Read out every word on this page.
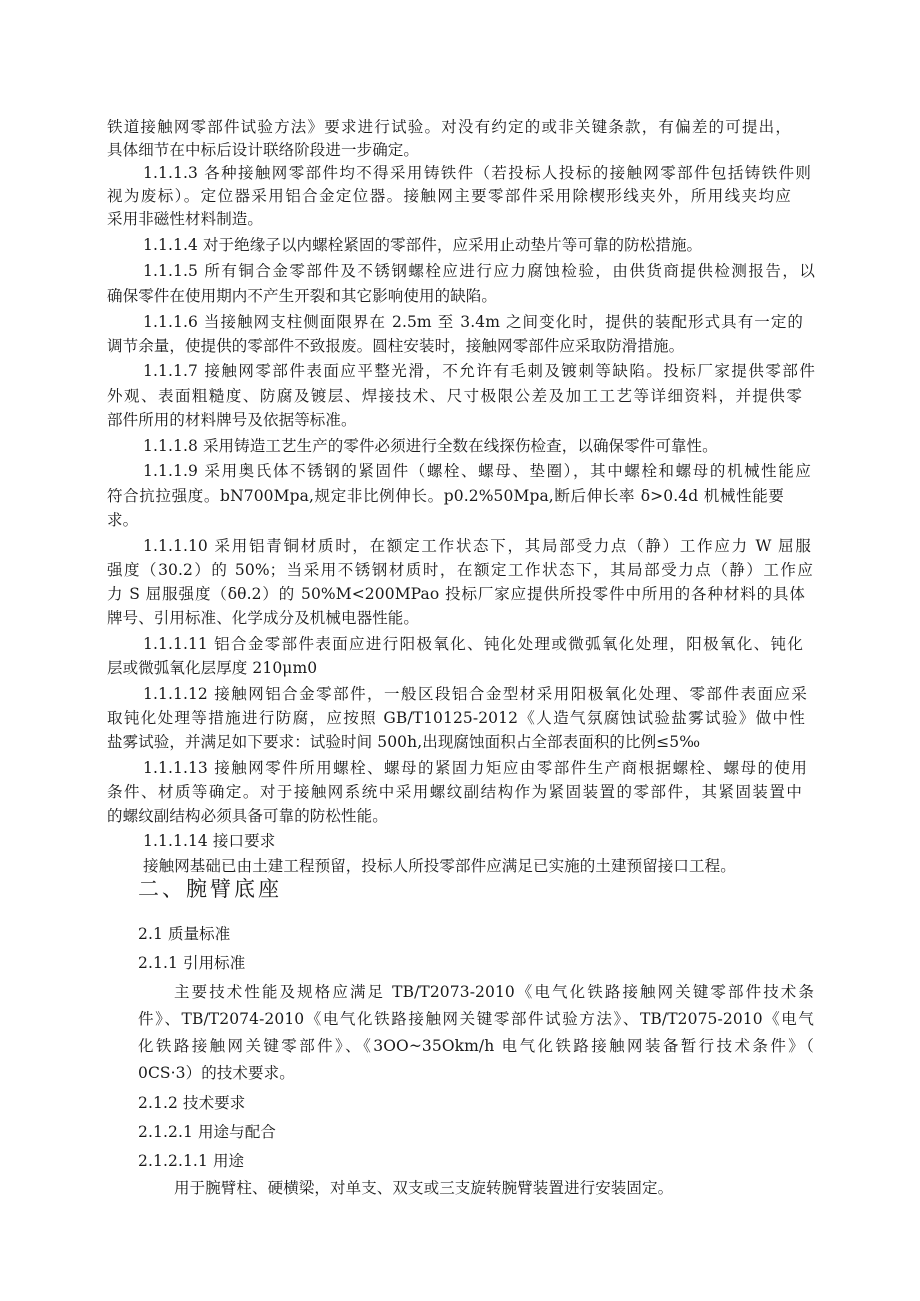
铁道接触网零部件试验方法》要求进行试验。对没有约定的或非关键条款，有偏差的可提出，
具体细节在中标后设计联络阶段进一步确定。
1.1.1.3 各种接触网零部件均不得采用铸铁件（若投标人投标的接触网零部件包括铸铁件则
视为废标）。定位器采用铝合金定位器。接触网主要零部件采用除楔形线夹外，所用线夹均应
采用非磁性材料制造。
1.1.1.4 对于绝缘子以内螺栓紧固的零部件，应采用止动垫片等可靠的防松措施。
1.1.1.5 所有铜合金零部件及不锈钢螺栓应进行应力腐蚀检验，由供货商提供检测报告，以
确保零件在使用期内不产生开裂和其它影响使用的缺陷。
1.1.1.6 当接触网支柱侧面限界在 2.5m 至 3.4m 之间变化时，提供的装配形式具有一定的
调节余量，使提供的零部件不致报废。圆柱安装时，接触网零部件应采取防滑措施。
1.1.1.7 接触网零部件表面应平整光滑，不允许有毛刺及镀刺等缺陷。投标厂家提供零部件
外观、表面粗糙度、防腐及镀层、焊接技术、尺寸极限公差及加工工艺等详细资料，并提供零
部件所用的材料牌号及依据等标准。
1.1.1.8 采用铸造工艺生产的零件必须进行全数在线探伤检查，以确保零件可靠性。
1.1.1.9 采用奥氏体不锈钢的紧固件（螺栓、螺母、垫圈），其中螺栓和螺母的机械性能应
符合抗拉强度。bN700Mpa,规定非比例伸长。p0.2%50Mpa,断后伸长率 δ>0.4d 机械性能要
求。
1.1.1.10 采用铝青铜材质时，在额定工作状态下，其局部受力点（静）工作应力 W 屈服
强度（30.2）的 50%；当采用不锈钢材质时，在额定工作状态下，其局部受力点（静）工作应
力 S 屈服强度（δθ.2）的 50%M<200MPao 投标厂家应提供所投零件中所用的各种材料的具体
牌号、引用标准、化学成分及机械电器性能。
1.1.1.11 铝合金零部件表面应进行阳极氧化、钝化处理或微弧氧化处理，阳极氧化、钝化
层或微弧氧化层厚度 210μm0
1.1.1.12 接触网铝合金零部件，一般区段铝合金型材采用阳极氧化处理、零部件表面应采
取钝化处理等措施进行防腐，应按照 GB/T10125-2012《人造气氛腐蚀试验盐雾试验》做中性
盐雾试验，并满足如下要求：试验时间 500h,出现腐蚀面积占全部表面积的比例≤5‰
1.1.1.13 接触网零件所用螺栓、螺母的紧固力矩应由零部件生产商根据螺栓、螺母的使用
条件、材质等确定。对于接触网系统中采用螺纹副结构作为紧固装置的零部件，其紧固装置中
的螺纹副结构必须具备可靠的防松性能。
1.1.1.14 接口要求
接触网基础已由土建工程预留，投标人所投零部件应满足已实施的土建预留接口工程。
二、腕臂底座
2.1 质量标准
2.1.1 引用标准
主要技术性能及规格应满足 TB/T2073-2010《电气化铁路接触网关键零部件技术条
件》、TB/T2074-2010《电气化铁路接触网关键零部件试验方法》、TB/T2075-2010《电气
化铁路接触网关键零部件》、《3OO~35Okm/h 电气化铁路接触网装备暂行技术条件》（
0CS·3）的技术要求。
2.1.2 技术要求
2.1.2.1 用途与配合
2.1.2.1.1 用途
用于腕臂柱、硬横梁，对单支、双支或三支旋转腕臂装置进行安装固定。
